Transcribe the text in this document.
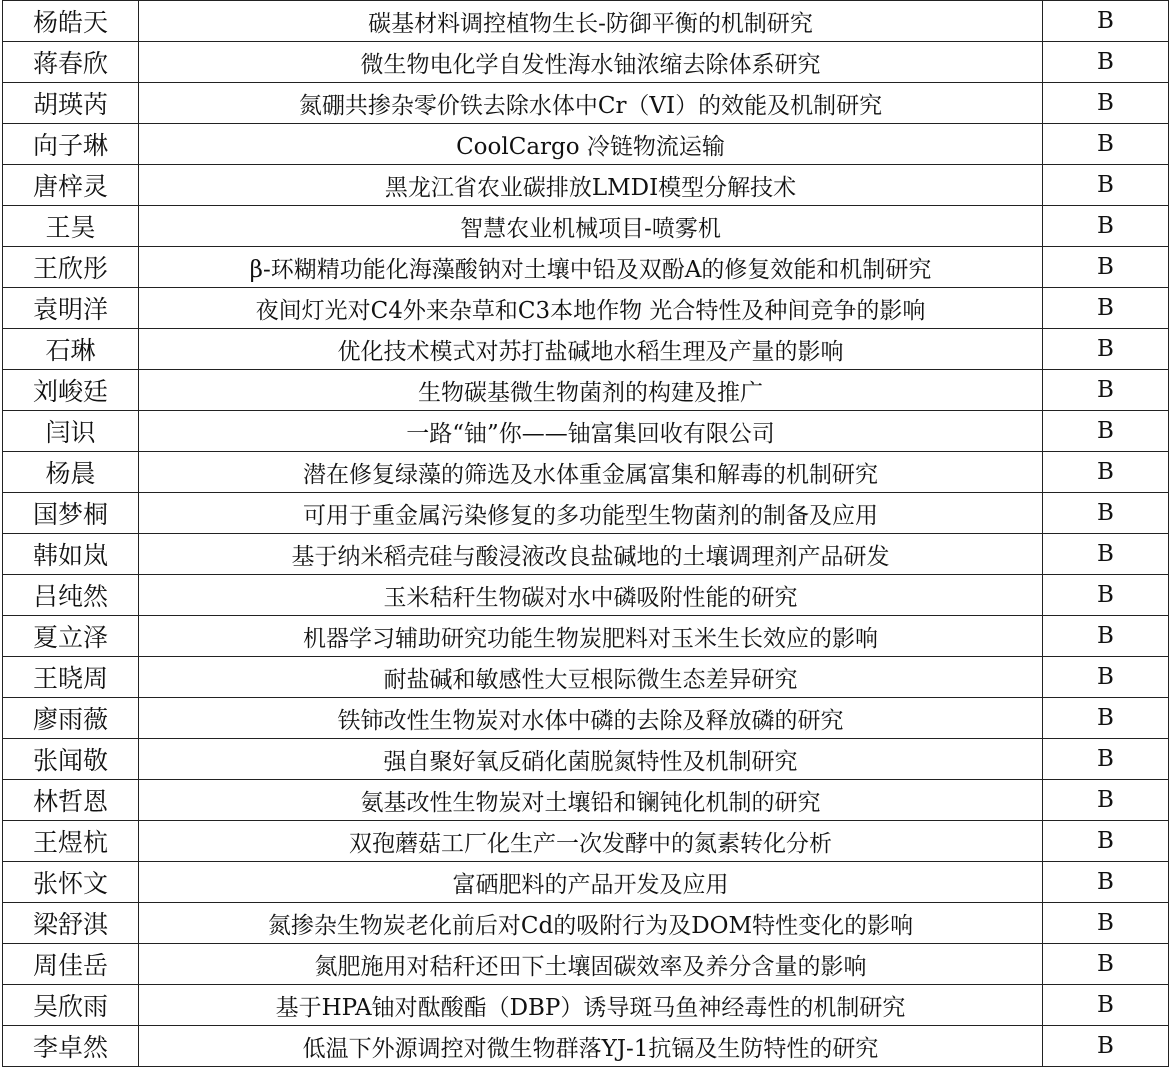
杨皓天	碳基材料调控植物生长-防御平衡的机制研究	B
蒋春欣	微生物电化学自发性海水铀浓缩去除体系研究	B
胡瑛芮	氮硼共掺杂零价铁去除水体中Cr（VI）的效能及机制研究	B
向子琳	CoolCargo 冷链物流运输	B
唐梓灵	黑龙江省农业碳排放LMDI模型分解技术	B
王昊	智慧农业机械项目-喷雾机	B
王欣彤	β-环糊精功能化海藻酸钠对土壤中铅及双酚A的修复效能和机制研究	B
袁明洋	夜间灯光对C4外来杂草和C3本地作物 光合特性及种间竞争的影响	B
石琳	优化技术模式对苏打盐碱地水稻生理及产量的影响	B
刘峻廷	生物碳基微生物菌剂的构建及推广	B
闫识	一路“铀”你——铀富集回收有限公司	B
杨晨	潜在修复绿藻的筛选及水体重金属富集和解毒的机制研究	B
国梦桐	可用于重金属污染修复的多功能型生物菌剂的制备及应用	B
韩如岚	基于纳米稻壳硅与酸浸液改良盐碱地的土壤调理剂产品研发	B
吕纯然	玉米秸秆生物碳对水中磷吸附性能的研究	B
夏立泽	机器学习辅助研究功能生物炭肥料对玉米生长效应的影响	B
王晓周	耐盐碱和敏感性大豆根际微生态差异研究	B
廖雨薇	铁铈改性生物炭对水体中磷的去除及释放磷的研究	B
张闻敬	强自聚好氧反硝化菌脱氮特性及机制研究	B
林哲恩	氨基改性生物炭对土壤铅和镧钝化机制的研究	B
王煜杭	双孢蘑菇工厂化生产一次发酵中的氮素转化分析	B
张怀文	富硒肥料的产品开发及应用	B
梁舒淇	氮掺杂生物炭老化前后对Cd的吸附行为及DOM特性变化的影响	B
周佳岳	氮肥施用对秸秆还田下土壤固碳效率及养分含量的影响	B
吴欣雨	基于HPA铀对酞酸酯（DBP）诱导斑马鱼神经毒性的机制研究	B
李卓然	低温下外源调控对微生物群落YJ-1抗镉及生防特性的研究	B
